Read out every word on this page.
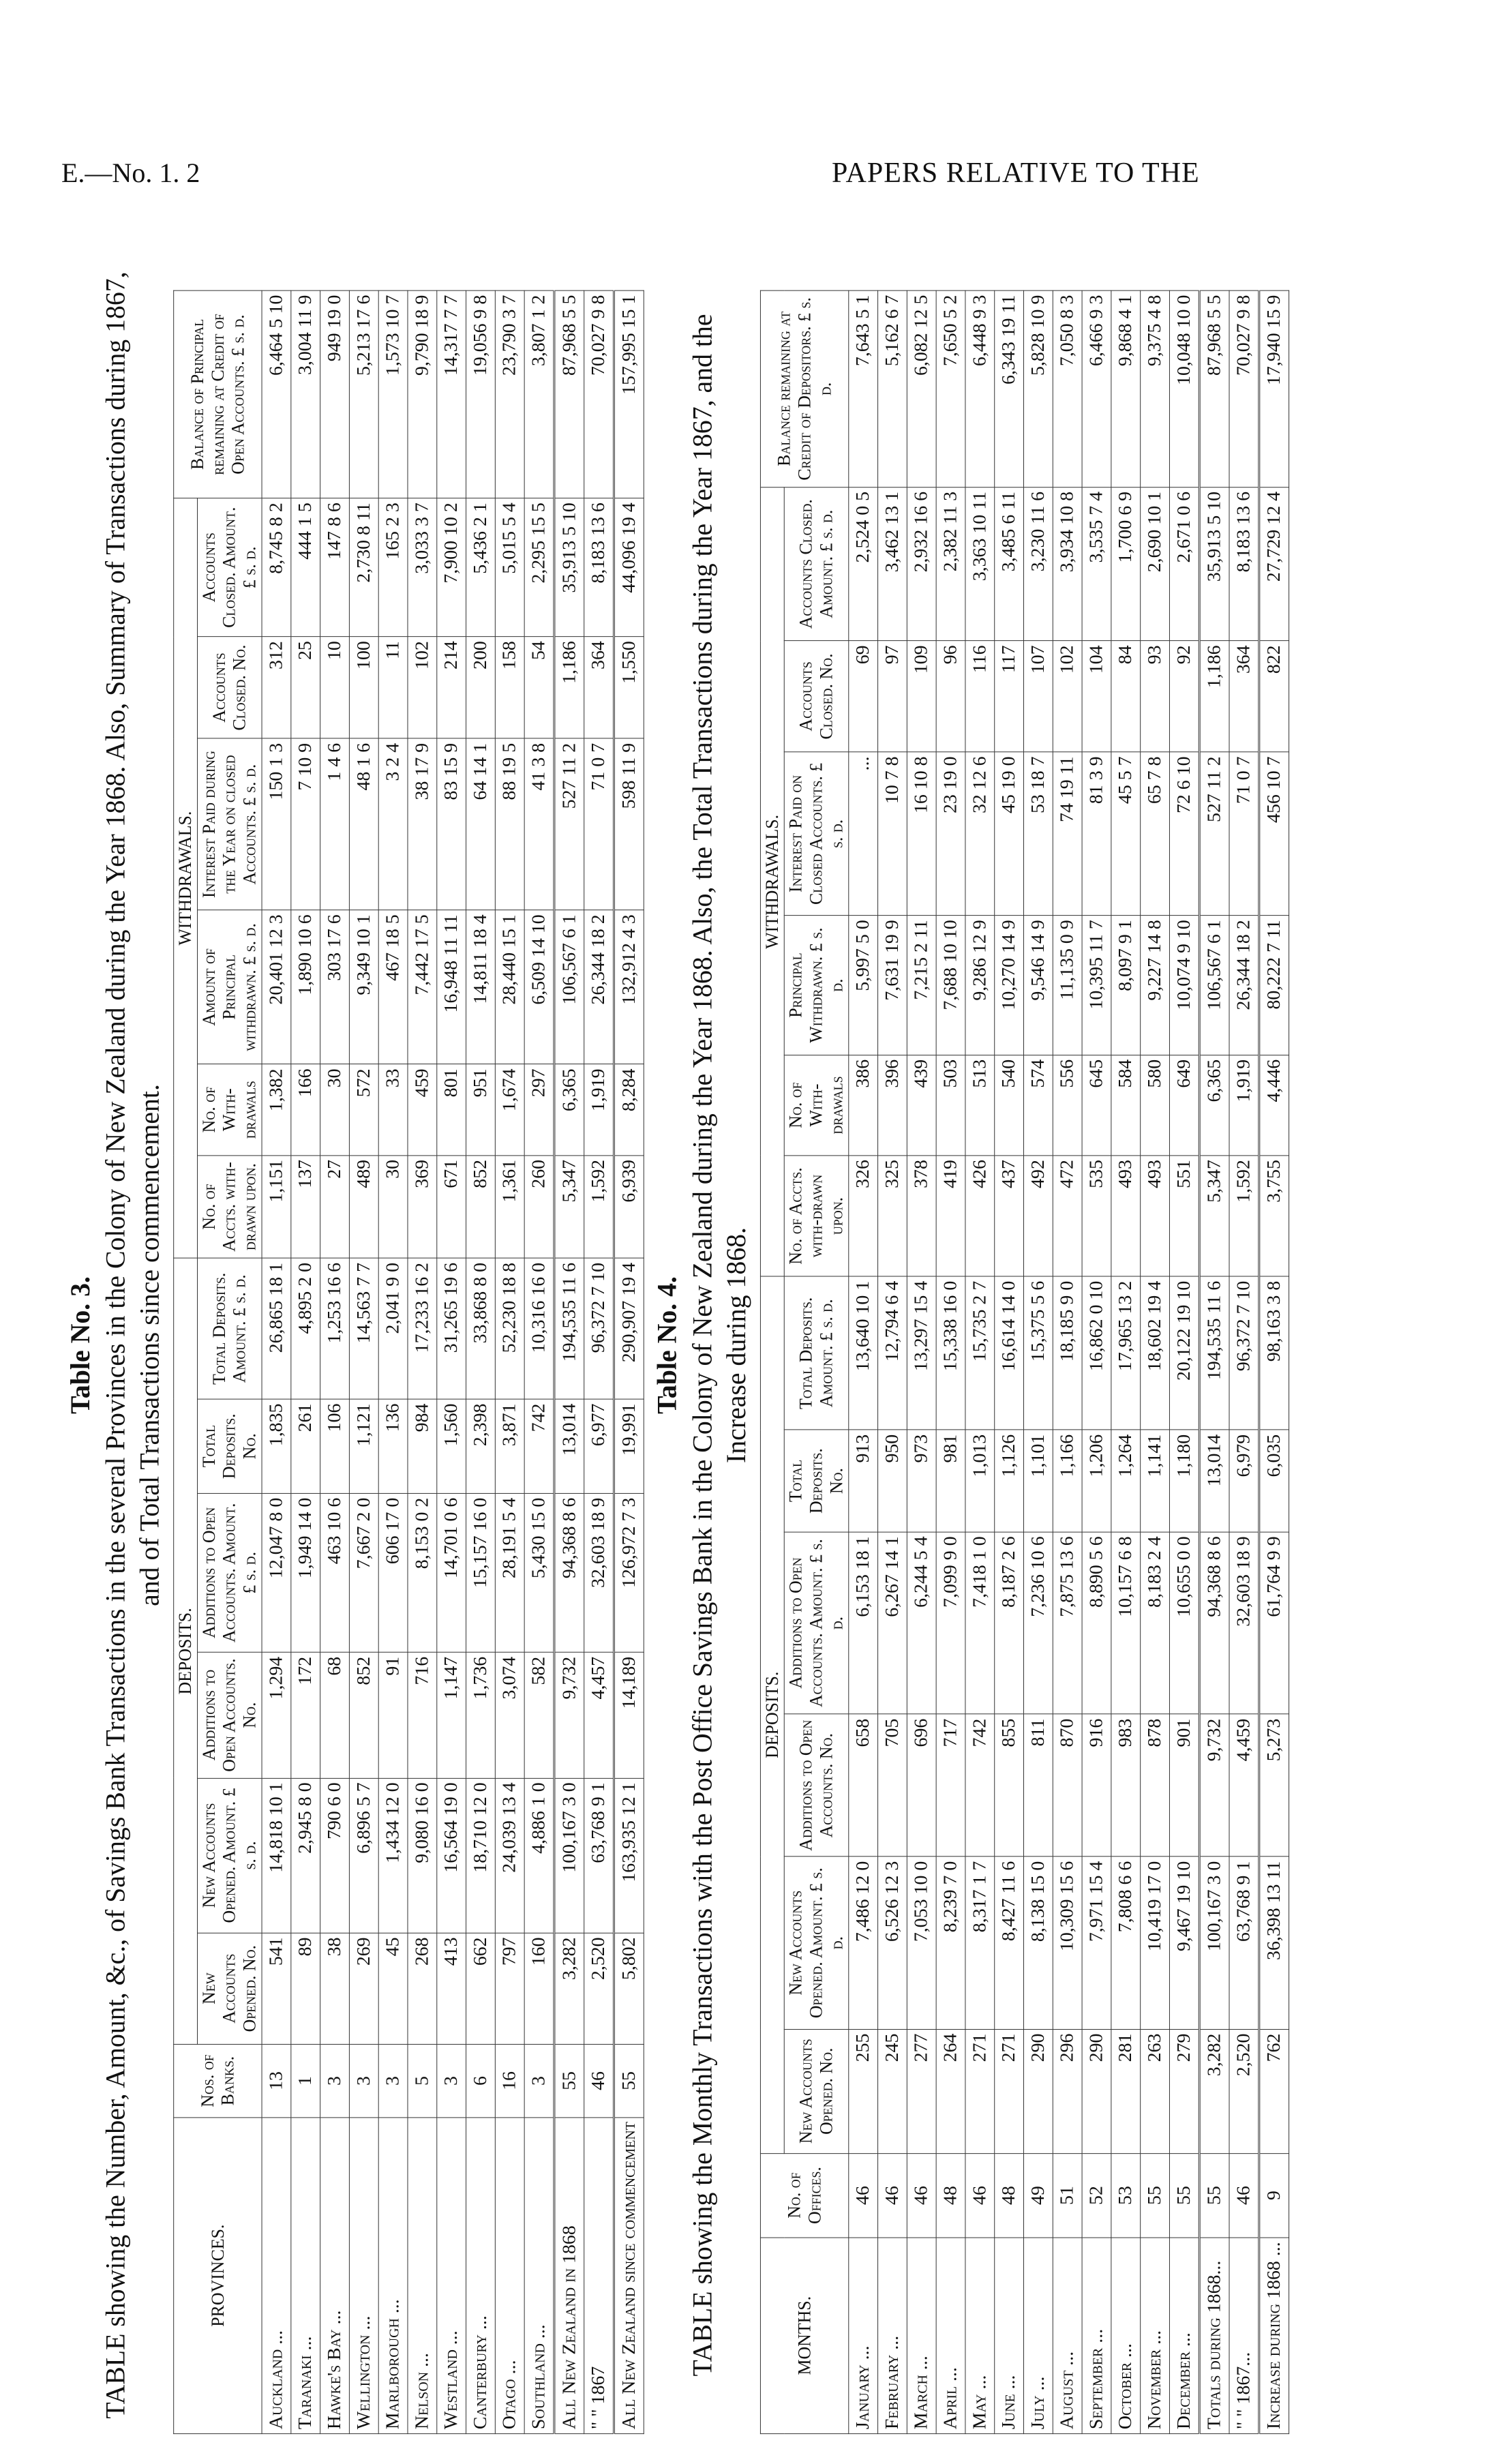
E.—No. 1. 2	PAPERS RELATIVE TO THE
Table No. 3. TABLE showing the Number, Amount, &c., of Savings Bank Transactions in the several Provinces in the Colony of New Zealand during the Year 1868. Also, Summary of Transactions during 1867, and of Total Transactions since commencement.
PROVINCES.	Nos. of Banks.	DEPOSITS.						WITHDRAWALS.						Balance of Principal remaining at Credit of Open Accounts. £ s. d.
		New Accounts Opened. No.	New Accounts Opened. Amount. £ s. d.	Additions to Open Accounts. No.	Additions to Open Accounts. Amount. £ s. d.	Total Deposits. No.	Total Deposits. Amount. £ s. d.	No. of Accts. with-drawn upon.	No. of With-drawals	Amount of Principal withdrawn. £ s. d.	Interest Paid during the Year on closed Accounts. £ s. d.	Accounts Closed. No.	Accounts Closed. Amount. £ s. d.	
Auckland ...	13	541	14,818 10 1	1,294	12,047 8 0	1,835	26,865 18 1	1,151	1,382	20,401 12 3	150 1 3	312	8,745 8 2	6,464 5 10
Taranaki ...	1	89	2,945 8 0	172	1,949 14 0	261	4,895 2 0	137	166	1,890 10 6	7 10 9	25	444 1 5	3,004 11 9
Hawke's Bay ...	3	38	790 6 0	68	463 10 6	106	1,253 16 6	27	30	303 17 6	1 4 6	10	147 8 6	949 19 0
Wellington ...	3	269	6,896 5 7	852	7,667 2 0	1,121	14,563 7 7	489	572	9,349 10 1	48 1 6	100	2,730 8 11	5,213 17 6
Marlborough ...	3	45	1,434 12 0	91	606 17 0	136	2,041 9 0	30	33	467 18 5	3 2 4	11	165 2 3	1,573 10 7
Nelson ...	5	268	9,080 16 0	716	8,153 0 2	984	17,233 16 2	369	459	7,442 17 5	38 17 9	102	3,033 3 7	9,790 18 9
Westland ...	3	413	16,564 19 0	1,147	14,701 0 6	1,560	31,265 19 6	671	801	16,948 11 11	83 15 9	214	7,900 10 2	14,317 7 7
Canterbury ...	6	662	18,710 12 0	1,736	15,157 16 0	2,398	33,868 8 0	852	951	14,811 18 4	64 14 1	200	5,436 2 1	19,056 9 8
Otago ...	16	797	24,039 13 4	3,074	28,191 5 4	3,871	52,230 18 8	1,361	1,674	28,440 15 1	88 19 5	158	5,015 5 4	23,790 3 7
Southland ...	3	160	4,886 1 0	582	5,430 15 0	742	10,316 16 0	260	297	6,509 14 10	41 3 8	54	2,295 15 5	3,807 1 2
All New Zealand in 1868	55	3,282	100,167 3 0	9,732	94,368 8 6	13,014	194,535 11 6	5,347	6,365	106,567 6 1	527 11 2	1,186	35,913 5 10	87,968 5 5
" " 1867	46	2,520	63,768 9 1	4,457	32,603 18 9	6,977	96,372 7 10	1,592	1,919	26,344 18 2	71 0 7	364	8,183 13 6	70,027 9 8
All New Zealand since commencement	55	5,802	163,935 12 1	14,189	126,972 7 3	19,991	290,907 19 4	6,939	8,284	132,912 4 3	598 11 9	1,550	44,096 19 4	157,995 15 1
Table No. 4. TABLE showing the Monthly Transactions with the Post Office Savings Bank in the Colony of New Zealand during the Year 1868. Also, the Total Transactions during the Year 1867, and the Increase during 1868.
MONTHS.	No. of Offices.	DEPOSITS.						WITHDRAWALS.						Balance remaining at Credit of Depositors. £ s. d.
		New Accounts Opened. No.	New Accounts Opened. Amount. £ s. d.	Additions to Open Accounts. No.	Additions to Open Accounts. Amount. £ s. d.	Total Deposits. No.	Total Deposits. Amount. £ s. d.	No. of Accts. with-drawn upon.	No. of With-drawals	Principal Withdrawn. £ s. d.	Interest Paid on Closed Accounts. £ s. d.	Accounts Closed. No.	Accounts Closed. Amount. £ s. d.	
January ...	46	255	7,486 12 0	658	6,153 18 1	913	13,640 10 1	326	386	5,997 5 0	...	69	2,524 0 5	7,643 5 1
February ...	46	245	6,526 12 3	705	6,267 14 1	950	12,794 6 4	325	396	7,631 19 9	10 7 8	97	3,462 13 1	5,162 6 7
March ...	46	277	7,053 10 0	696	6,244 5 4	973	13,297 15 4	378	439	7,215 2 11	16 10 8	109	2,932 16 6	6,082 12 5
April ...	48	264	8,239 7 0	717	7,099 9 0	981	15,338 16 0	419	503	7,688 10 10	23 19 0	96	2,382 11 3	7,650 5 2
May ...	46	271	8,317 1 7	742	7,418 1 0	1,013	15,735 2 7	426	513	9,286 12 9	32 12 6	116	3,363 10 11	6,448 9 3
June ...	48	271	8,427 11 6	855	8,187 2 6	1,126	16,614 14 0	437	540	10,270 14 9	45 19 0	117	3,485 6 11	6,343 19 11
July ...	49	290	8,138 15 0	811	7,236 10 6	1,101	15,375 5 6	492	574	9,546 14 9	53 18 7	107	3,230 11 6	5,828 10 9
August ...	51	296	10,309 15 6	870	7,875 13 6	1,166	18,185 9 0	472	556	11,135 0 9	74 19 11	102	3,934 10 8	7,050 8 3
September ...	52	290	7,971 15 4	916	8,890 5 6	1,206	16,862 0 10	535	645	10,395 11 7	81 3 9	104	3,535 7 4	6,466 9 3
October ...	53	281	7,808 6 6	983	10,157 6 8	1,264	17,965 13 2	493	584	8,097 9 1	45 5 7	84	1,700 6 9	9,868 4 1
November ...	55	263	10,419 17 0	878	8,183 2 4	1,141	18,602 19 4	493	580	9,227 14 8	65 7 8	93	2,690 10 1	9,375 4 8
December ...	55	279	9,467 19 10	901	10,655 0 0	1,180	20,122 19 10	551	649	10,074 9 10	72 6 10	92	2,671 0 6	10,048 10 0
Totals during 1868...	55	3,282	100,167 3 0	9,732	94,368 8 6	13,014	194,535 11 6	5,347	6,365	106,567 6 1	527 11 2	1,186	35,913 5 10	87,968 5 5
" " 1867...	46	2,520	63,768 9 1	4,459	32,603 18 9	6,979	96,372 7 10	1,592	1,919	26,344 18 2	71 0 7	364	8,183 13 6	70,027 9 8
Increase during 1868 ...	9	762	36,398 13 11	5,273	61,764 9 9	6,035	98,163 3 8	3,755	4,446	80,222 7 11	456 10 7	822	27,729 12 4	17,940 15 9
